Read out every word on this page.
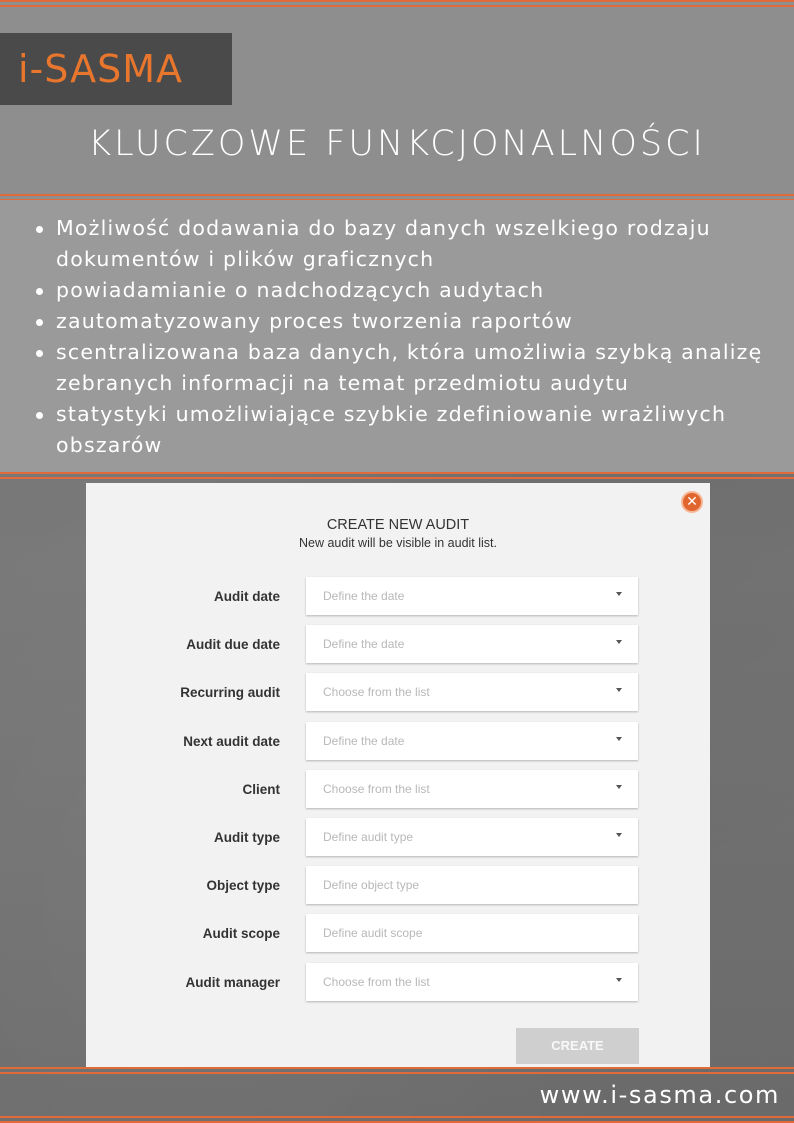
i-SASMA
KLUCZOWE FUNKCJONALNOŚCI
Możliwość dodawania do bazy danych wszelkiego rodzaju dokumentów i plików graficznych
powiadamianie o nadchodzących audytach
zautomatyzowany proces tworzenia raportów
scentralizowana baza danych, która umożliwia szybką analizę zebranych informacji na temat przedmiotu audytu
statystyki umożliwiające szybkie zdefiniowanie wrażliwych obszarów
✕
CREATE NEW AUDIT
New audit will be visible in audit list.
Audit date	Define the date
Audit due date	Define the date
Recurring audit	Choose from the list
Next audit date	Define the date
Client	Choose from the list
Audit type	Define audit type
Object type	Define object type
Audit scope	Define audit scope
Audit manager	Choose from the list
CREATE
www.i-sasma.com
